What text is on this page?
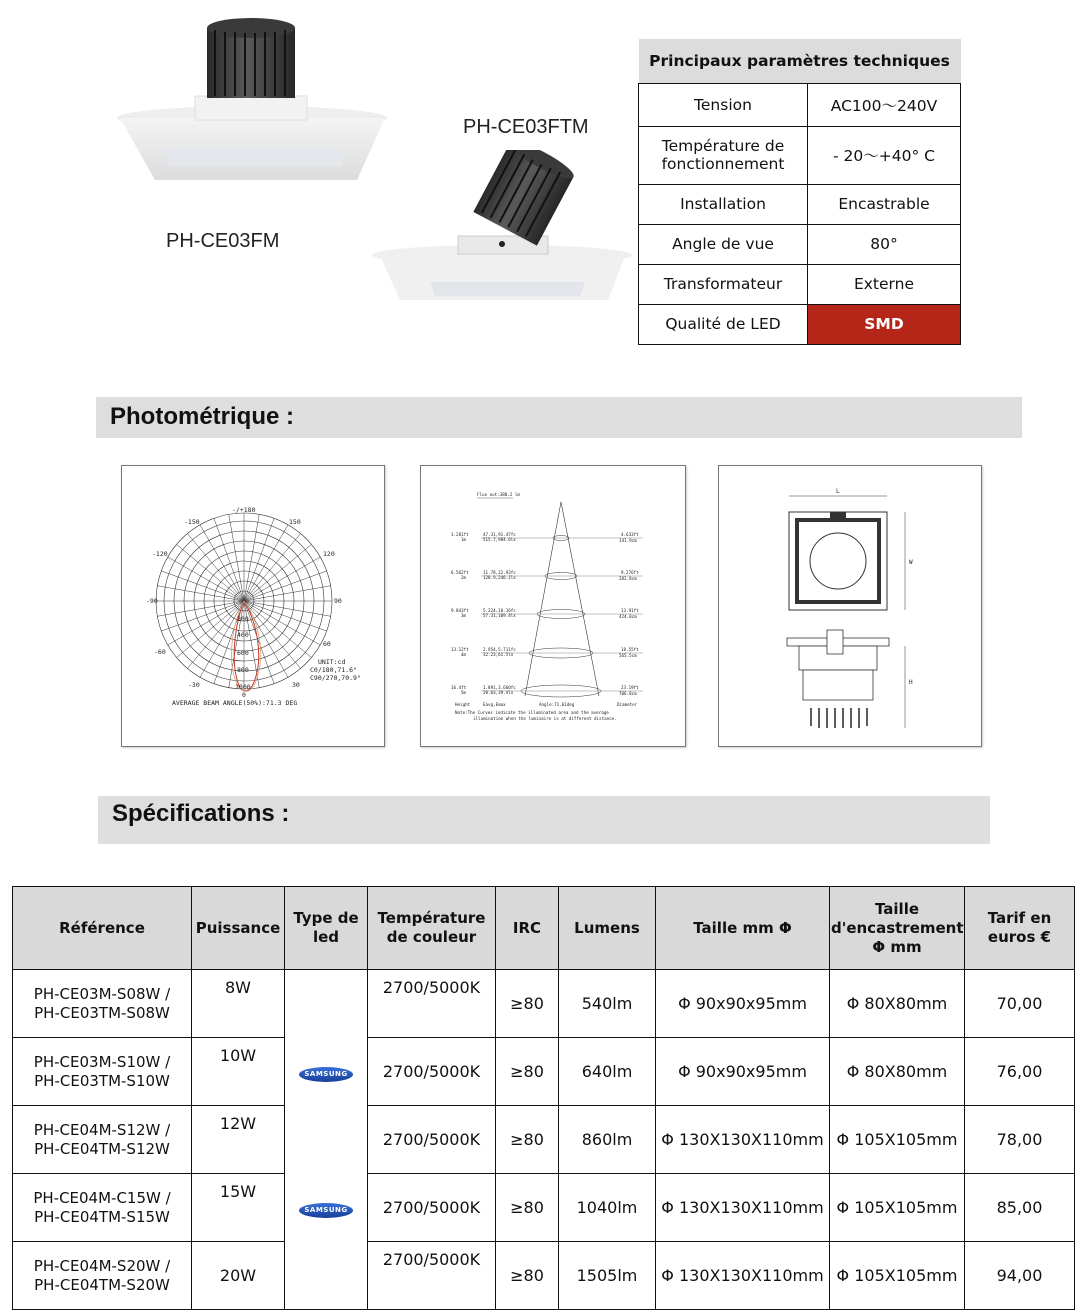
PH-CE03FM
PH-CE03FTM
Principaux paramètres techniques	
Tension	AC100～240V
Température de fonctionnement	- 20～+40° C
Installation	Encastrable
Angle de vue	80°
Transformateur	Externe
Qualité de LED	SMD
Photométrique :
-/+180
-150	150
-120	120
-90	90
-60
60
-30	30
0
200
400
600
800
1000
UNIT:cd
C0/180,71.6°
C90/270,70.9°
AVERAGE BEAM ANGLE(50%):71.3 DEG
Flux out:380.2 lm
3.281ft
1m
47.31,91.47fc
515.7,984.6lx
4.633ft
141.9cm
6.562ft
2m
11.78,22.93fc
128.9,246.1lx
9.276ft
282.8cm
9.843ft
3m
5.224,10.16fc
57.31,109.4lx
13.91ft
424.0cm
13.12ft
4m
2.954,5.711fc
32.23,61.5lx
18.55ft
565.5cm
16.4ft
5m
1.891,3.660fc
20.63,39.4lx
23.19ft
706.8cm
Height	Eavg,Emax	Angle:71.61deg	Diameter
Note:The Curves indicate the illuminated area and the average
illumination when the luminaire is at different distance.
L
W
H
Spécifications :
Référence	Puissance	Type de led	Température de couleur	IRC	Lumens	Taille mm Φ	Taille d'encastrement Φ mm	Tarif en euros €
PH-CE03M-S08W /
PH-CE03TM-S08W	8W		2700/5000K	≥80	540lm	Φ 90x90x95mm	Φ 80X80mm	70,00
PH-CE03M-S10W /
PH-CE03TM-S10W	10W	SAMSUNG	2700/5000K	≥80	640lm	Φ 90x90x95mm	Φ 80X80mm	76,00
PH-CE04M-S12W /
PH-CE04TM-S12W	12W		2700/5000K	≥80	860lm	Φ 130X130X110mm	Φ 105X105mm	78,00
PH-CE04M-C15W /
PH-CE04TM-S15W	15W	SAMSUNG	2700/5000K	≥80	1040lm	Φ 130X130X110mm	Φ 105X105mm	85,00
PH-CE04M-S20W /
PH-CE04TM-S20W	20W		2700/5000K	≥80	1505lm	Φ 130X130X110mm	Φ 105X105mm	94,00
